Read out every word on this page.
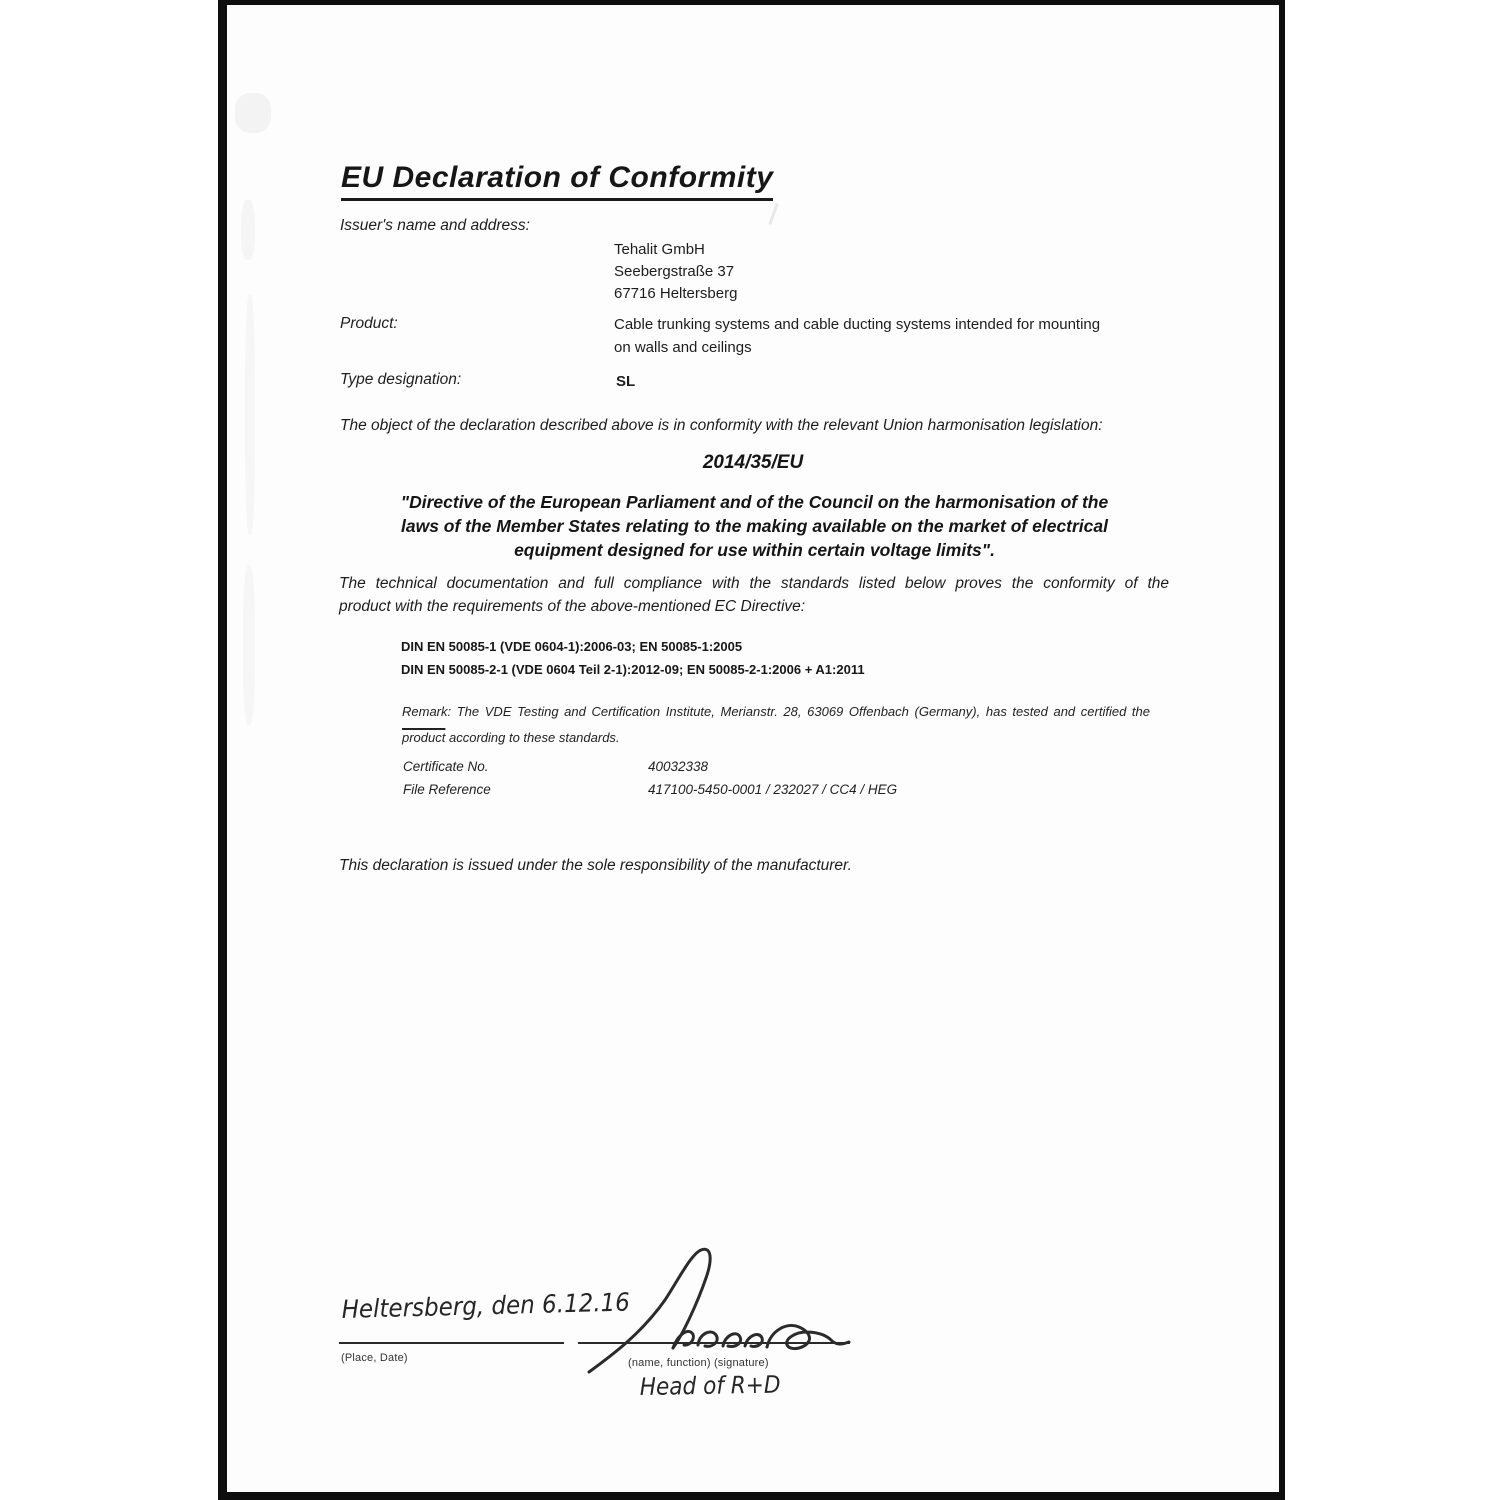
EU Declaration of Conformity
Issuer's name and address:
Tehalit GmbH
Seebergstraße 37
67716 Heltersberg
Product:	Cable trunking systems and cable ducting systems intended for mounting
on walls and ceilings
Type designation:	SL
The object of the declaration described above is in conformity with the relevant Union harmonisation legislation:
2014/35/EU
"Directive of the European Parliament and of the Council on the harmonisation of the
laws of the Member States relating to the making available on the market of electrical
equipment designed for use within certain voltage limits".
The technical documentation and full compliance with the standards listed below proves the conformity of the
product with the requirements of the above-mentioned EC Directive:
DIN EN 50085-1 (VDE 0604-1):2006-03; EN 50085-1:2005
DIN EN 50085-2-1 (VDE 0604 Teil 2-1):2012-09; EN 50085-2-1:2006 + A1:2011
Remark: The VDE Testing and Certification Institute, Merianstr. 28, 63069 Offenbach (Germany), has tested and certified the
product according to these standards.
Certificate No.	40032338
File Reference	417100-5450-0001 / 232027 / CC4 / HEG
This declaration is issued under the sole responsibility of the manufacturer.
Heltersberg, den 6.12.16
(Place, Date)	(name, function) (signature)
Head of R+D
